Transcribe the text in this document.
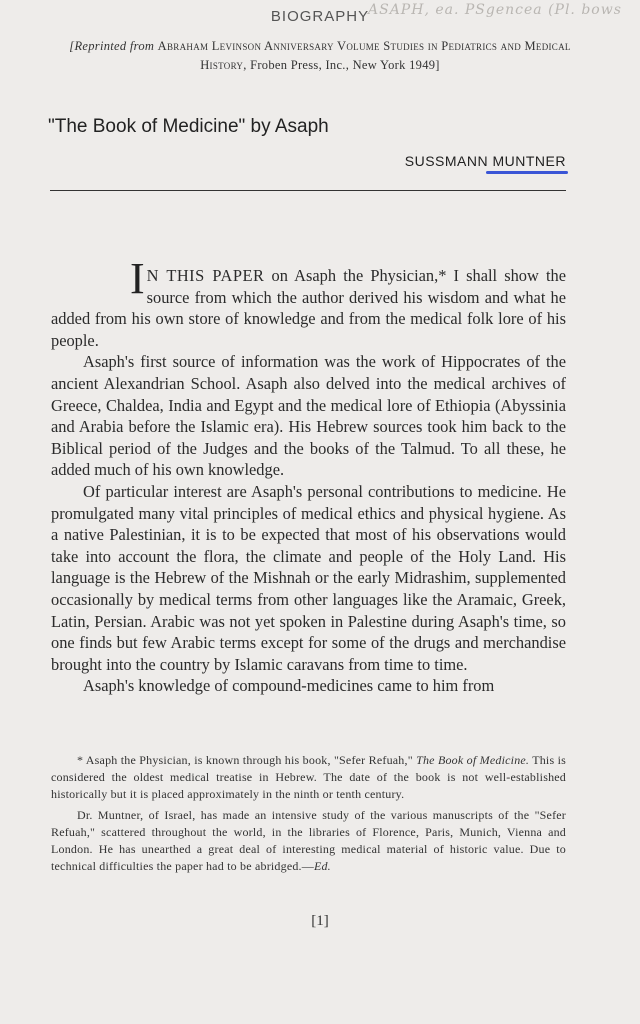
BIOGRAPHY
ASAPH, ea. PSgencea (Pl. bows
[Reprinted from Abraham Levinson Anniversary Volume Studies in Pediatrics and Medical History, Froben Press, Inc., New York 1949]
"The Book of Medicine" by Asaph
SUSSMANN MUNTNER

I N THIS PAPER on Asaph the Physician,* I shall show the source from which the author derived his wisdom and what he added from his own store of knowledge and from the medical folk lore of his people.

Asaph's first source of information was the work of Hippocrates of the ancient Alexandrian School. Asaph also delved into the medical archives of Greece, Chaldea, India and Egypt and the medical lore of Ethiopia (Abyssinia and Arabia before the Islamic era). His Hebrew sources took him back to the Biblical period of the Judges and the books of the Talmud. To all these, he added much of his own knowledge.

Of particular interest are Asaph's personal contributions to medicine. He promulgated many vital principles of medical ethics and physical hygiene. As a native Palestinian, it is to be expected that most of his observations would take into account the flora, the climate and people of the Holy Land. His language is the Hebrew of the Mishnah or the early Midrashim, supplemented occasionally by medical terms from other languages like the Aramaic, Greek, Latin, Persian. Arabic was not yet spoken in Palestine during Asaph's time, so one finds but few Arabic terms except for some of the drugs and merchandise brought into the country by Islamic caravans from time to time.

Asaph's knowledge of compound-medicines came to him from

* Asaph the Physician, is known through his book, "Sefer Refuah," The Book of Medicine. This is considered the oldest medical treatise in Hebrew. The date of the book is not well-established historically but it is placed approximately in the ninth or tenth century.

Dr. Muntner, of Israel, has made an intensive study of the various manuscripts of the "Sefer Refuah," scattered throughout the world, in the libraries of Florence, Paris, Munich, Vienna and London. He has unearthed a great deal of interesting medical material of historic value. Due to technical difficulties the paper had to be abridged.—Ed.

[1]
